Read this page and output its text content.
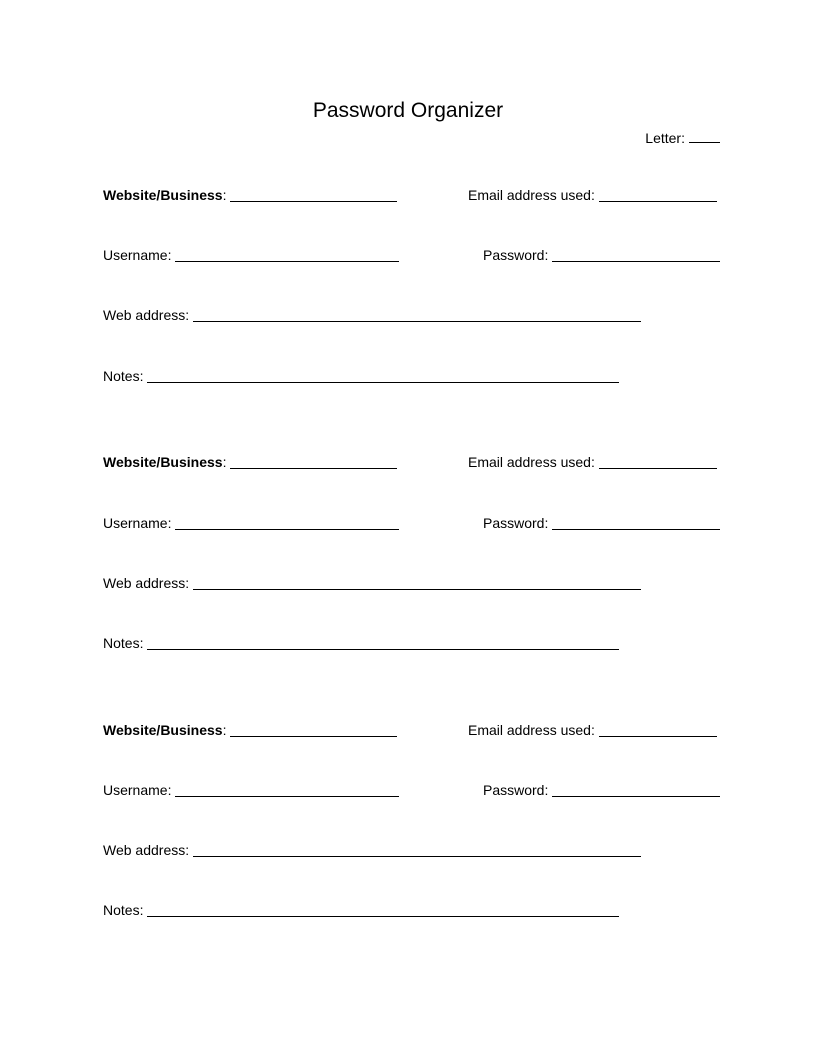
Password Organizer
Letter:
Website/Business :	Email address used:
Username:	Password:
Web address:
Notes:
Website/Business :	Email address used:
Username:	Password:
Web address:
Notes:
Website/Business :	Email address used:
Username:	Password:
Web address:
Notes:
